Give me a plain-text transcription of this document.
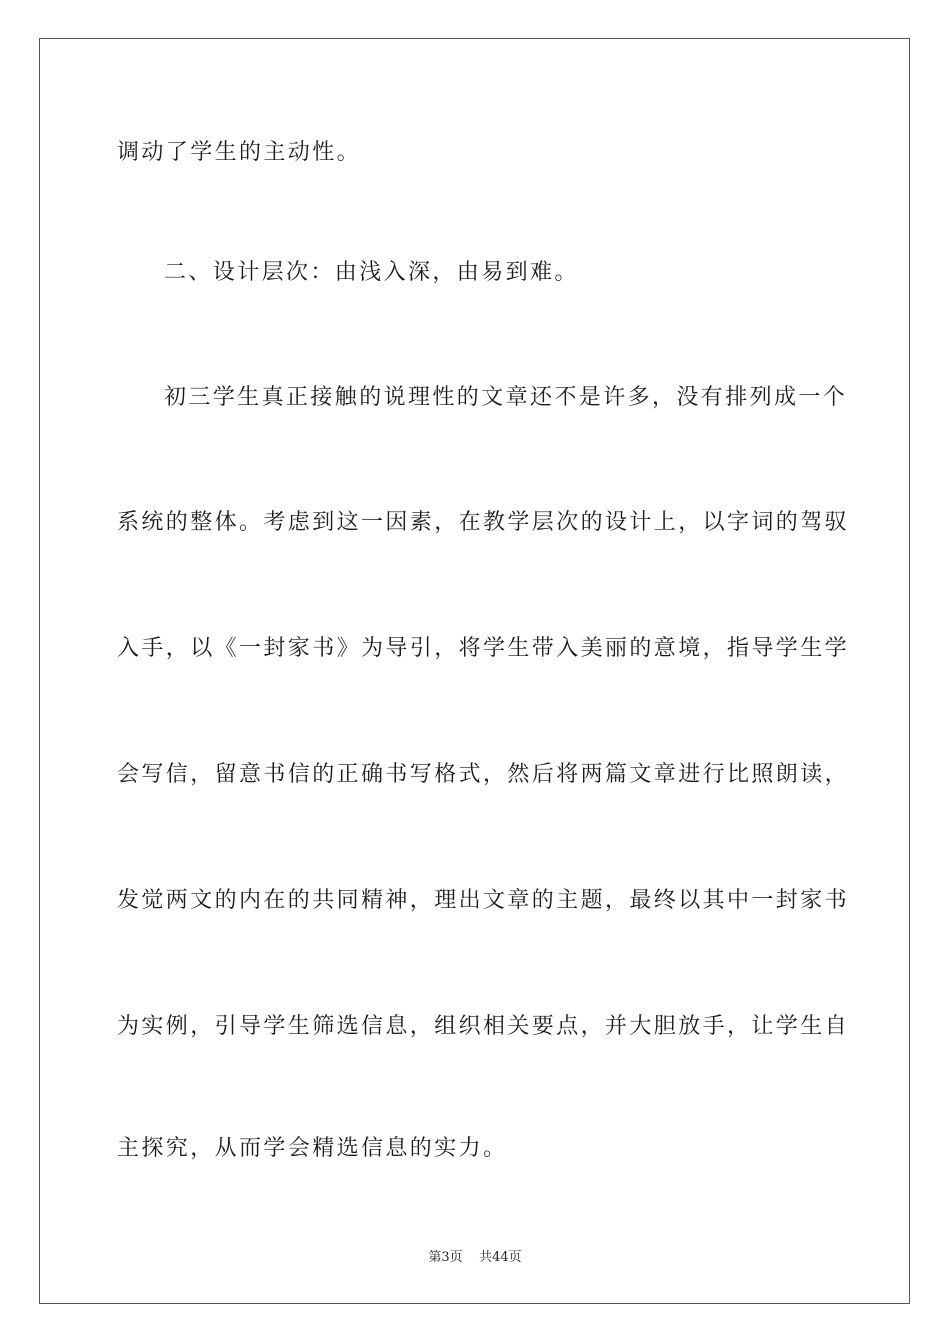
调动了学生的主动性。
二、设计层次：由浅入深，由易到难。
初三学生真正接触的说理性的文章还不是许多，没有排列成一个
系统的整体。考虑到这一因素，在教学层次的设计上，以字词的驾驭
入手，以《一封家书》为导引，将学生带入美丽的意境，指导学生学
会写信，留意书信的正确书写格式，然后将两篇文章进行比照朗读，
发觉两文的内在的共同精神，理出文章的主题，最终以其中一封家书
为实例，引导学生筛选信息，组织相关要点，并大胆放手，让学生自
主探究，从而学会精选信息的实力。
第3页 共44页
